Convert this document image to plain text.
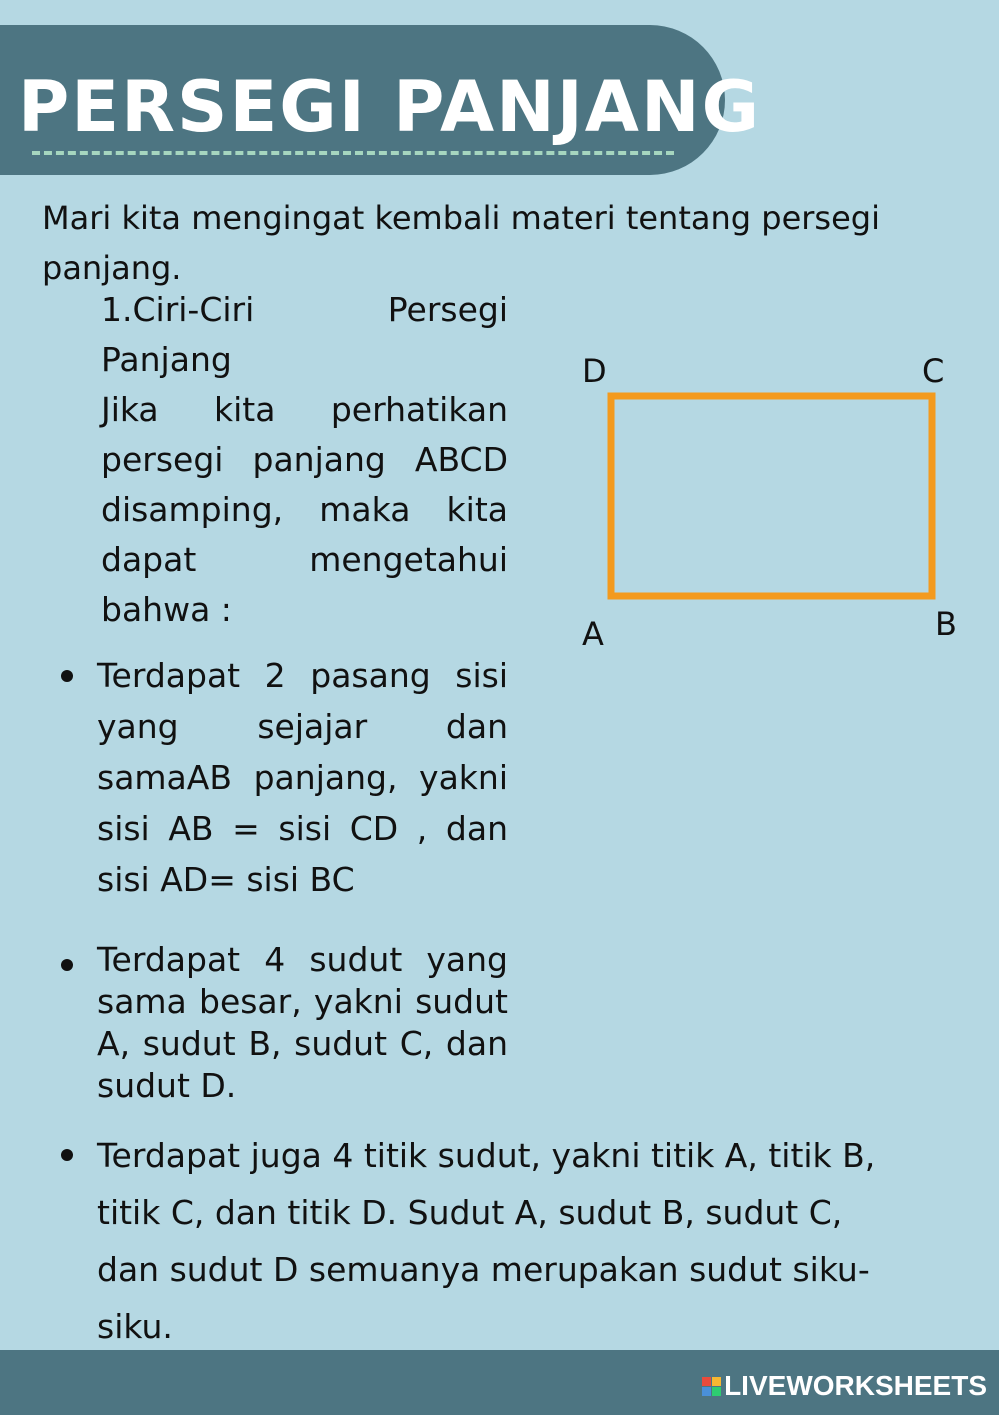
PERSEGI PANJANG

Mari kita mengingat kembali materi tentang persegi panjang.

1.Ciri-Ciri Persegi Panjang
Jika kita perhatikan persegi panjang ABCD disamping, maka kita dapat mengetahui bahwa :
Terdapat 2 pasang sisi yang sejajar dan samaAB panjang, yakni sisi AB = sisi CD , dan sisi AD= sisi BC
Terdapat 4 sudut yang sama besar, yakni sudut A, sudut B, sudut C, dan sudut D.
Terdapat juga 4 titik sudut, yakni titik A, titik B, titik C, dan titik D. Sudut A, sudut B, sudut C, dan sudut D semuanya merupakan sudut siku-siku.
D	C
A	B
LIVEWORKSHEETS
